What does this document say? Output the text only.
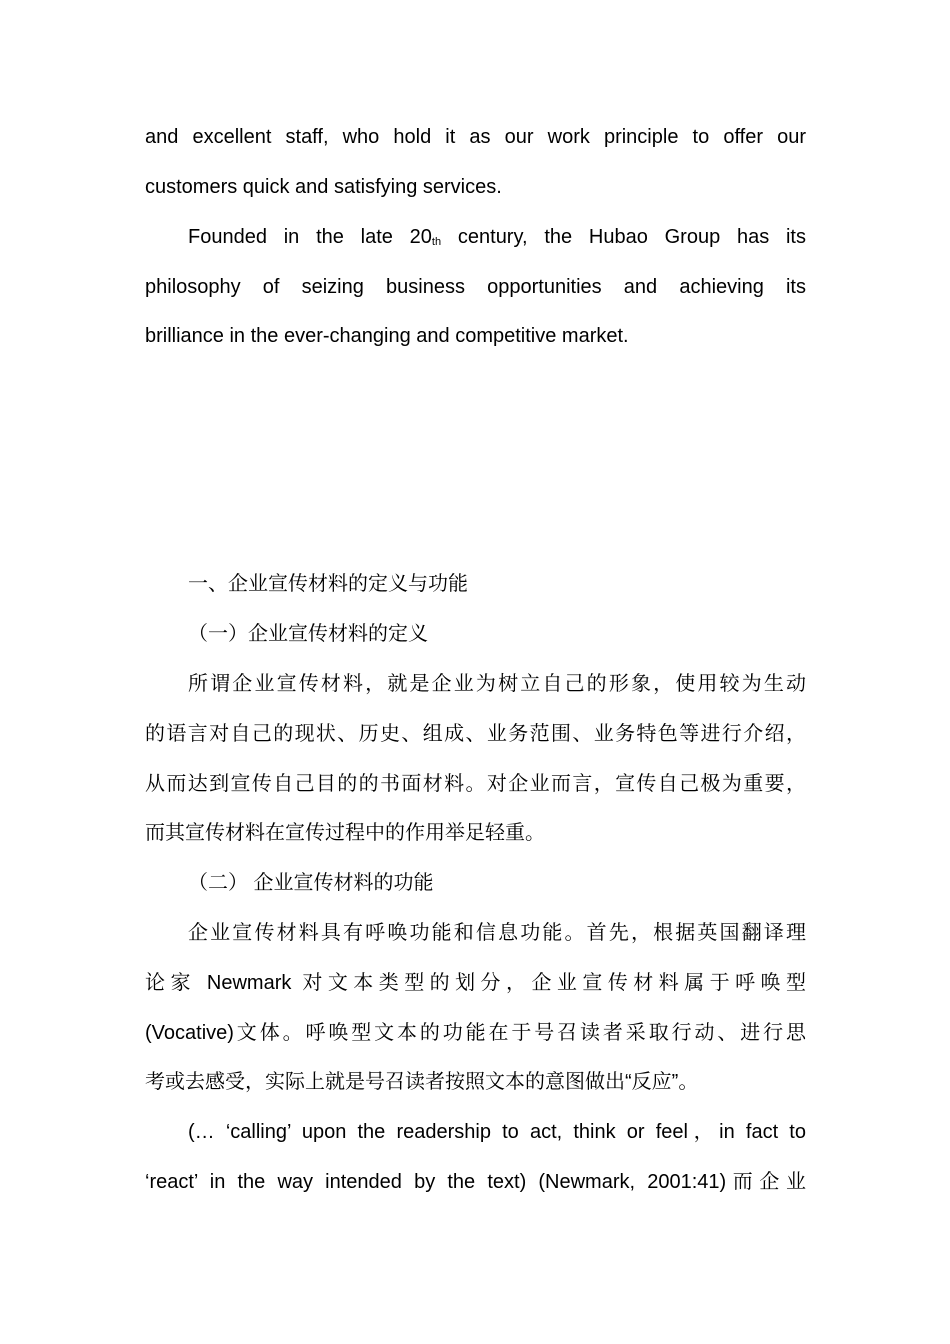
and excellent staff, who hold it as our work principle to offer our
customers quick and satisfying services.
Founded in the late $20_{th}$ century, the Hubao Group has its
philosophy of seizing business opportunities and achieving its
brilliance in the ever-changing and competitive market.
一、企业宣传材料的定义与功能
（一）企业宣传材料的定义
所谓企业宣传材料，就是企业为树立自己的形象，使用较为生动
的语言对自己的现状、历史、组成、业务范围、业务特色等进行介绍，
从而达到宣传自己目的的书面材料。对企业而言，宣传自己极为重要，
而其宣传材料在宣传过程中的作用举足轻重。
（二） 企业宣传材料的功能
企业宣传材料具有呼唤功能和信息功能。首先，根据英国翻译理
论家 Newmark 对文本类型的划分，企业宣传材料属于呼唤型
(Vocative)文体。呼唤型文本的功能在于号召读者采取行动、进行思
考或去感受，实际上就是号召读者按照文本的意图做出“反应”。
(… ‘calling’ upon the readership to act, think or feel，in fact to
‘react’ in the way intended by the text) (Newmark, 2001:41)而企业
